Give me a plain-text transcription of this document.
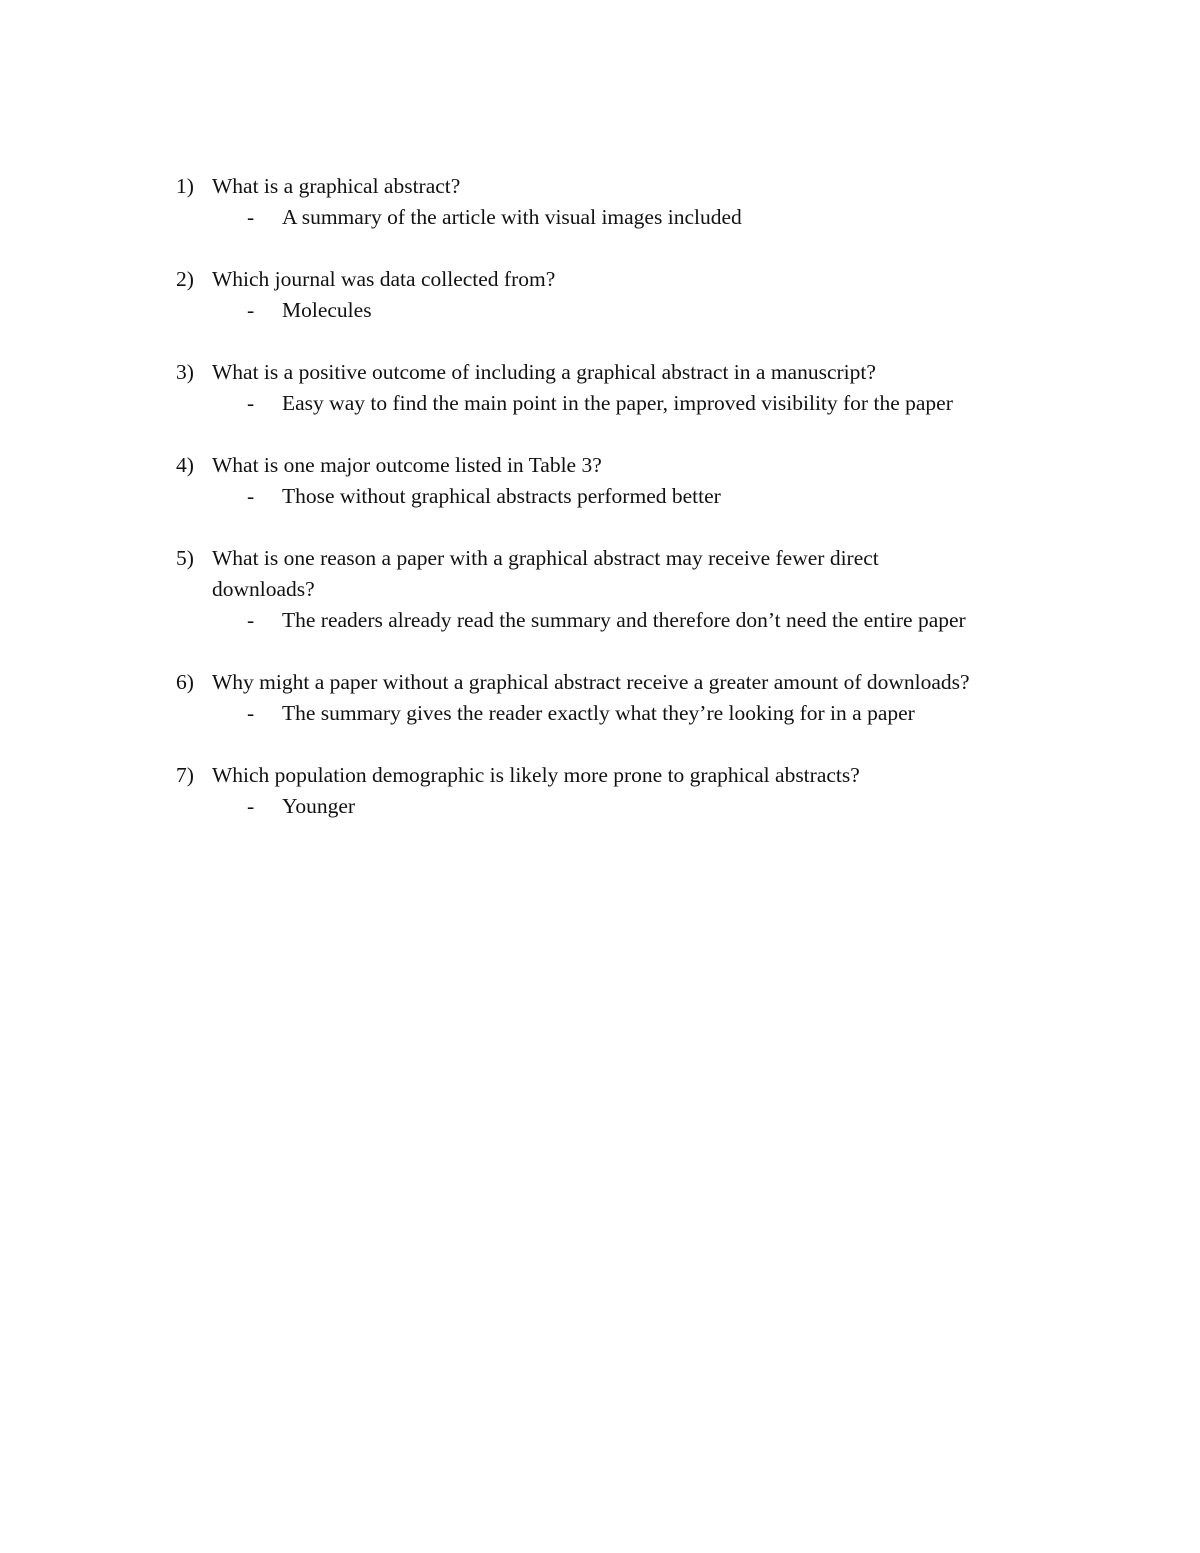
1) What is a graphical abstract?
-	A summary of the article with visual images included
2) Which journal was data collected from?
-	Molecules
3) What is a positive outcome of including a graphical abstract in a manuscript?
-	Easy way to find the main point in the paper, improved visibility for the paper
4) What is one major outcome listed in Table 3?
-	Those without graphical abstracts performed better
5) What is one reason a paper with a graphical abstract may receive fewer direct downloads?
-	The readers already read the summary and therefore don’t need the entire paper
6) Why might a paper without a graphical abstract receive a greater amount of downloads?
-	The summary gives the reader exactly what they’re looking for in a paper
7) Which population demographic is likely more prone to graphical abstracts?
-	Younger
